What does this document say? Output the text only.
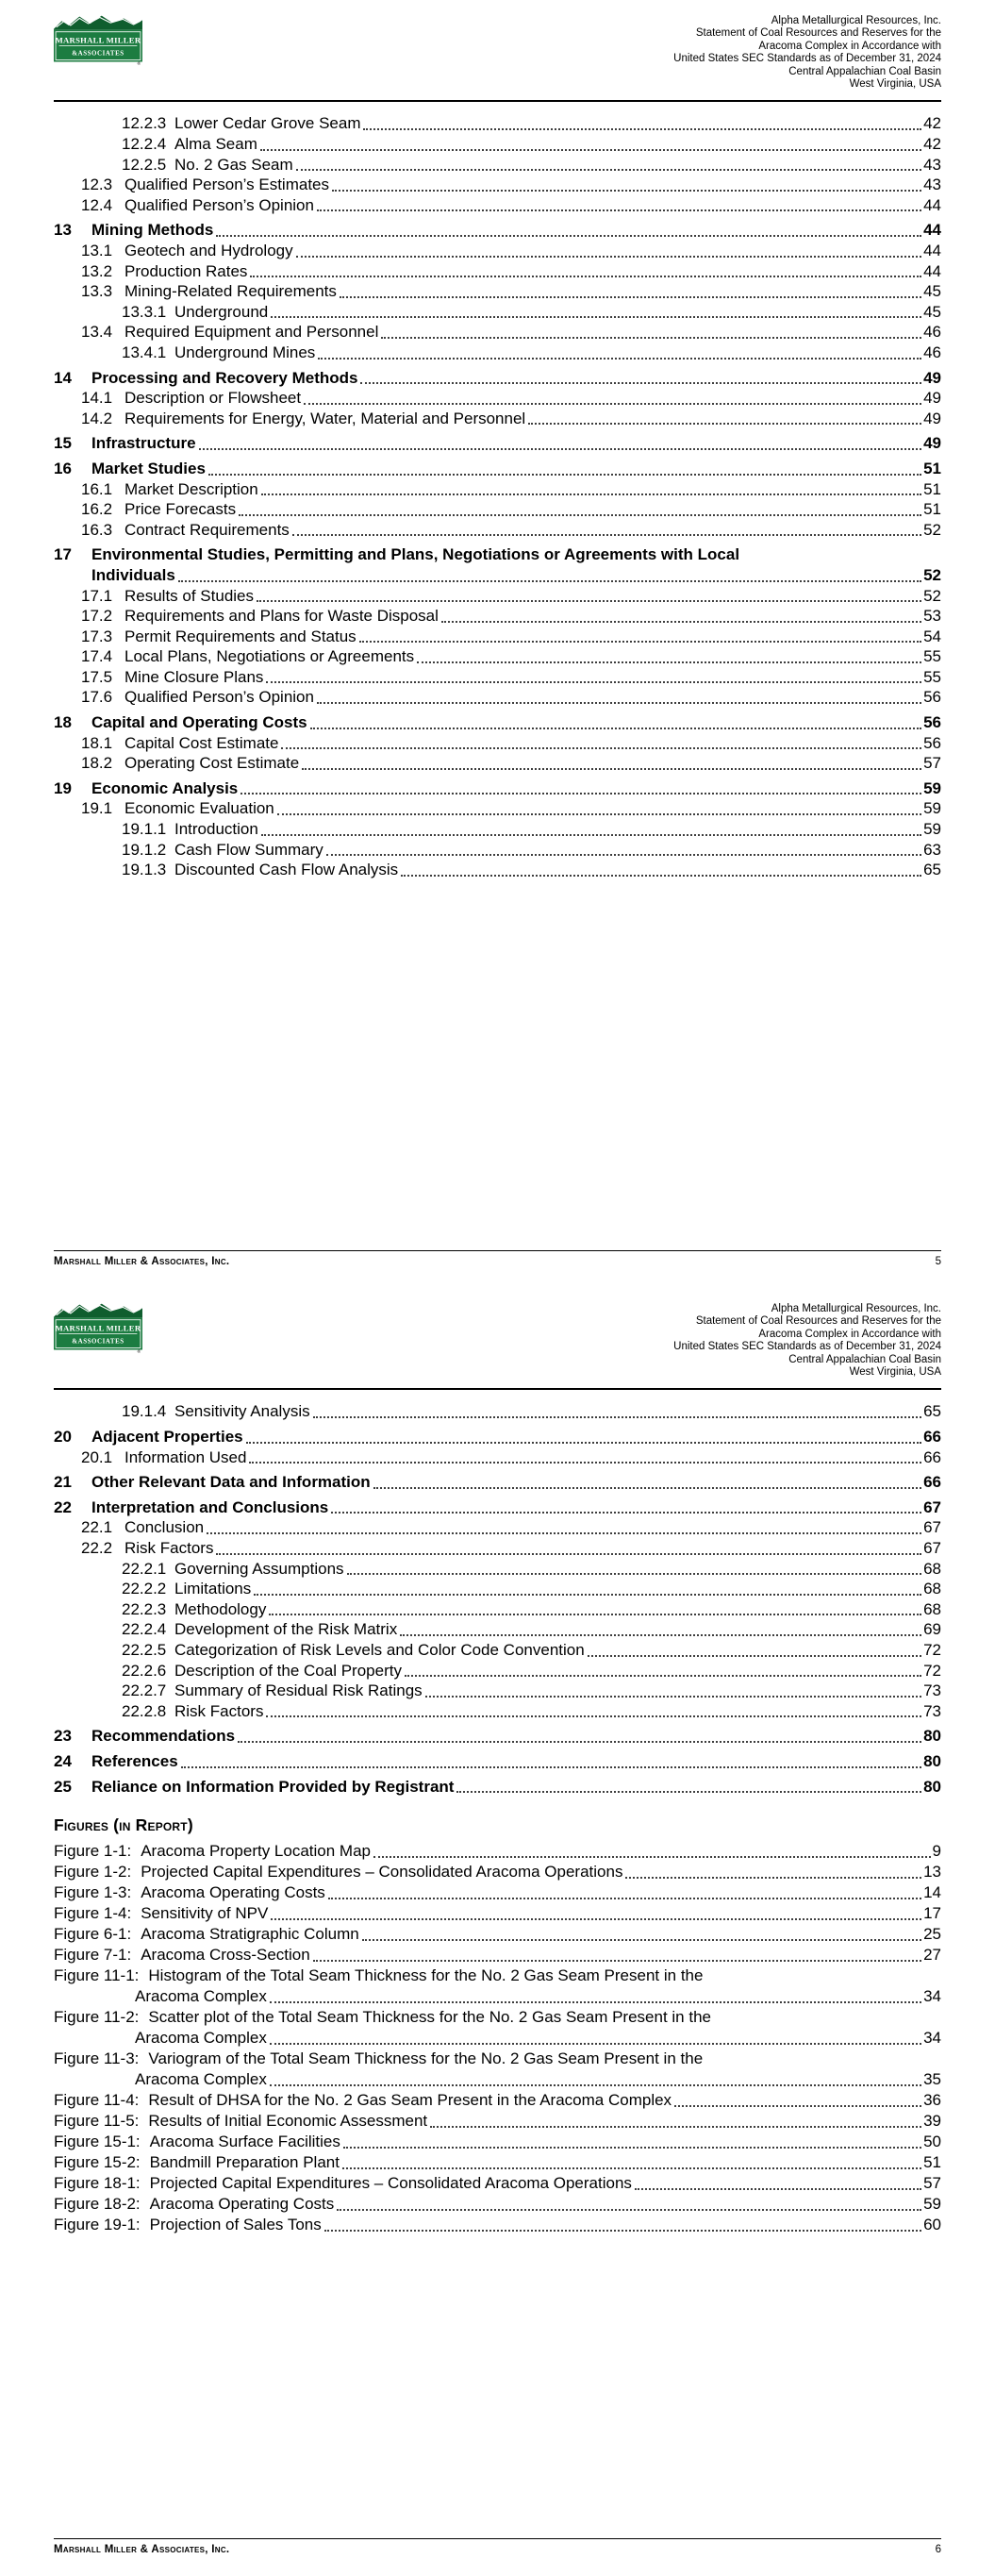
MARSHALL MILLER
&ASSOCIATES
®
Alpha Metallurgical Resources, Inc.
Statement of Coal Resources and Reserves for the
Aracoma Complex in Accordance with
United States SEC Standards as of December 31, 2024
Central Appalachian Coal Basin
West Virginia, USA
12.2.3 Lower Cedar Grove Seam	42
12.2.4 Alma Seam	42
12.2.5 No. 2 Gas Seam	43
12.3 Qualified Person’s Estimates	43
12.4 Qualified Person’s Opinion	44
13	Mining Methods	44
13.1 Geotech and Hydrology	44
13.2 Production Rates	44
13.3 Mining-Related Requirements	45
13.3.1 Underground	45
13.4 Required Equipment and Personnel	46
13.4.1 Underground Mines	46
14	Processing and Recovery Methods	49
14.1 Description or Flowsheet	49
14.2 Requirements for Energy, Water, Material and Personnel	49
15	Infrastructure	49
16	Market Studies	51
16.1 Market Description	51
16.2 Price Forecasts	51
16.3 Contract Requirements	52
17	Environmental Studies, Permitting and Plans, Negotiations or Agreements with Local
Individuals	52
17.1 Results of Studies	52
17.2 Requirements and Plans for Waste Disposal	53
17.3 Permit Requirements and Status	54
17.4 Local Plans, Negotiations or Agreements	55
17.5 Mine Closure Plans	55
17.6 Qualified Person’s Opinion	56
18	Capital and Operating Costs	56
18.1 Capital Cost Estimate	56
18.2 Operating Cost Estimate	57
19	Economic Analysis	59
19.1 Economic Evaluation	59
19.1.1 Introduction	59
19.1.2 Cash Flow Summary	63
19.1.3 Discounted Cash Flow Analysis	65
Marshall Miller & Associates, Inc.	5
MARSHALL MILLER
&ASSOCIATES
®
Alpha Metallurgical Resources, Inc.
Statement of Coal Resources and Reserves for the
Aracoma Complex in Accordance with
United States SEC Standards as of December 31, 2024
Central Appalachian Coal Basin
West Virginia, USA
19.1.4 Sensitivity Analysis	65
20	Adjacent Properties	66
20.1 Information Used	66
21	Other Relevant Data and Information	66
22	Interpretation and Conclusions	67
22.1 Conclusion	67
22.2 Risk Factors	67
22.2.1 Governing Assumptions	68
22.2.2 Limitations	68
22.2.3 Methodology	68
22.2.4 Development of the Risk Matrix	69
22.2.5 Categorization of Risk Levels and Color Code Convention	72
22.2.6 Description of the Coal Property	72
22.2.7 Summary of Residual Risk Ratings	73
22.2.8 Risk Factors	73
23	Recommendations	80
24	References	80
25	Reliance on Information Provided by Registrant	80
Figures (in Report)
Figure 1-1: Aracoma Property Location Map	9
Figure 1-2: Projected Capital Expenditures – Consolidated Aracoma Operations	13
Figure 1-3: Aracoma Operating Costs	14
Figure 1-4: Sensitivity of NPV	17
Figure 6-1: Aracoma Stratigraphic Column	25
Figure 7-1: Aracoma Cross-Section	27
Figure 11-1: Histogram of the Total Seam Thickness for the No. 2 Gas Seam Present in the
Aracoma Complex	34
Figure 11-2: Scatter plot of the Total Seam Thickness for the No. 2 Gas Seam Present in the
Aracoma Complex	34
Figure 11-3: Variogram of the Total Seam Thickness for the No. 2 Gas Seam Present in the
Aracoma Complex	35
Figure 11-4: Result of DHSA for the No. 2 Gas Seam Present in the Aracoma Complex	36
Figure 11-5: Results of Initial Economic Assessment	39
Figure 15-1: Aracoma Surface Facilities	50
Figure 15-2: Bandmill Preparation Plant	51
Figure 18-1: Projected Capital Expenditures – Consolidated Aracoma Operations	57
Figure 18-2: Aracoma Operating Costs	59
Figure 19-1: Projection of Sales Tons	60
Marshall Miller & Associates, Inc.	6
